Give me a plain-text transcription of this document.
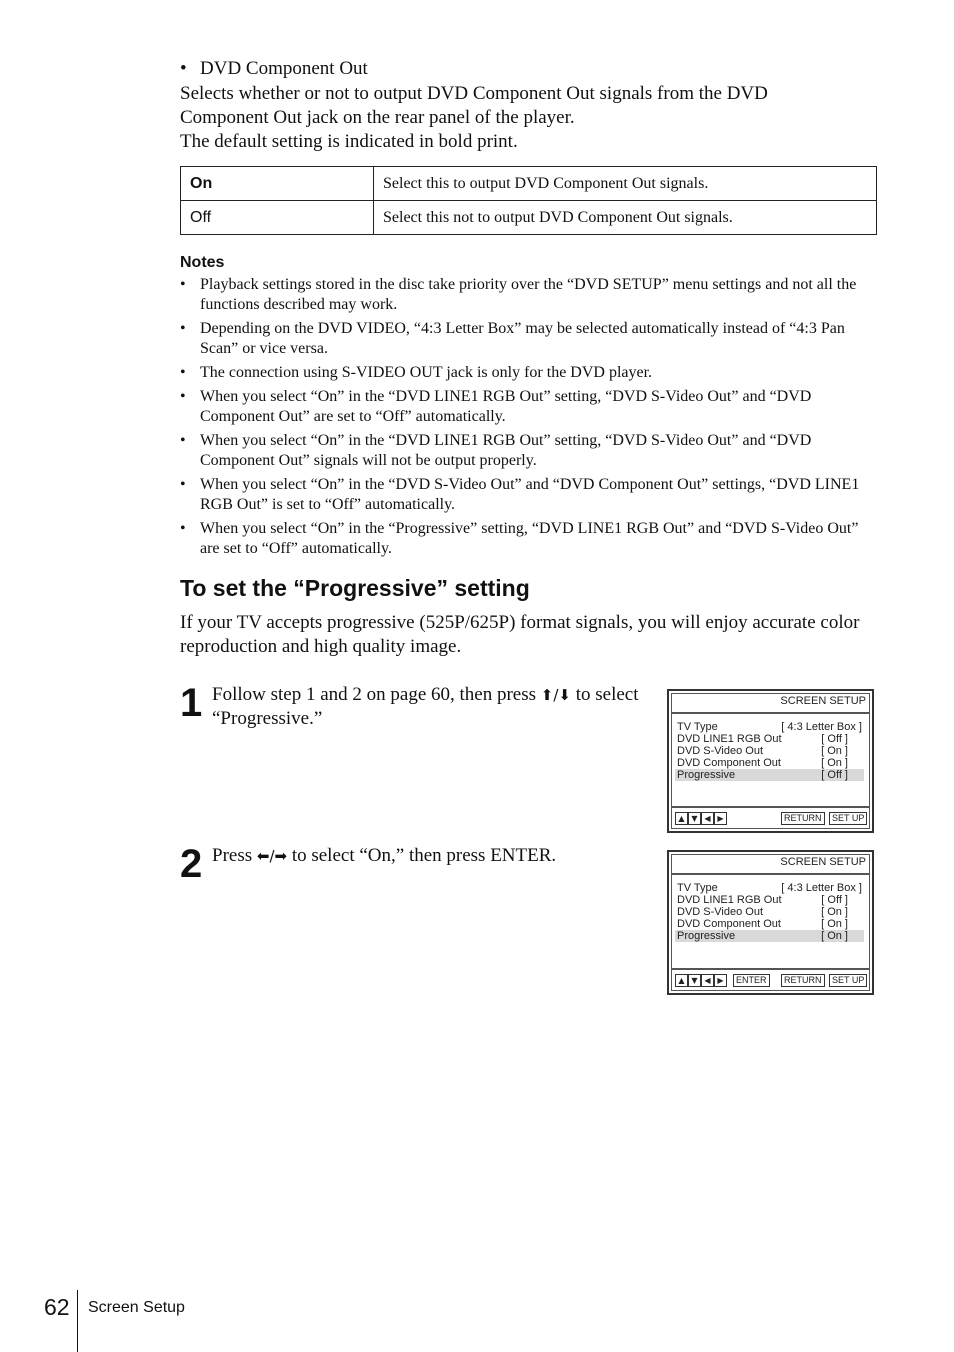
• DVD Component Out
Selects whether or not to output DVD Component Out signals from the DVD
Component Out jack on the rear panel of the player.
The default setting is indicated in bold print.
On	Select this to output DVD Component Out signals.
Off	Select this not to output DVD Component Out signals.
Notes
• Playback settings stored in the disc take priority over the “DVD SETUP” menu settings and not all the functions described may work.
• Depending on the DVD VIDEO, “4:3 Letter Box” may be selected automatically instead of “4:3 Pan Scan” or vice versa.
• The connection using S-VIDEO OUT jack is only for the DVD player.
• When you select “On” in the “DVD LINE1 RGB Out” setting, “DVD S-Video Out” and “DVD Component Out” are set to “Off” automatically.
• When you select “On” in the “DVD LINE1 RGB Out” setting, “DVD S-Video Out” and “DVD Component Out” signals will not be output properly.
• When you select “On” in the “DVD S-Video Out” and “DVD Component Out” settings, “DVD LINE1 RGB Out” is set to “Off” automatically.
• When you select “On” in the “Progressive” setting, “DVD LINE1 RGB Out” and “DVD S-Video Out” are set to “Off” automatically.
To set the “Progressive” setting
If your TV accepts progressive (525P/625P) format signals, you will enjoy accurate color reproduction and high quality image.
1 Follow step 1 and 2 on page 60, then press ⬆/⬇ to select “Progressive.”
2 Press ⬅/➡ to select “On,” then press ENTER.
SCREEN SETUP
TV Type	[ 4:3 Letter Box ]
DVD LINE1 RGB Out	[ Off ]
DVD S-Video Out	[ On ]
DVD Component Out	[ On ]
Progressive	[ Off ]
▲ ▼ ◀ ▶	RETURN	SET UP
SCREEN SETUP
TV Type	[ 4:3 Letter Box ]
DVD LINE1 RGB Out	[ Off ]
DVD S-Video Out	[ On ]
DVD Component Out	[ On ]
Progressive	[ On ]
▲ ▼ ◀ ▶	ENTER	RETURN	SET UP
62 Screen Setup
